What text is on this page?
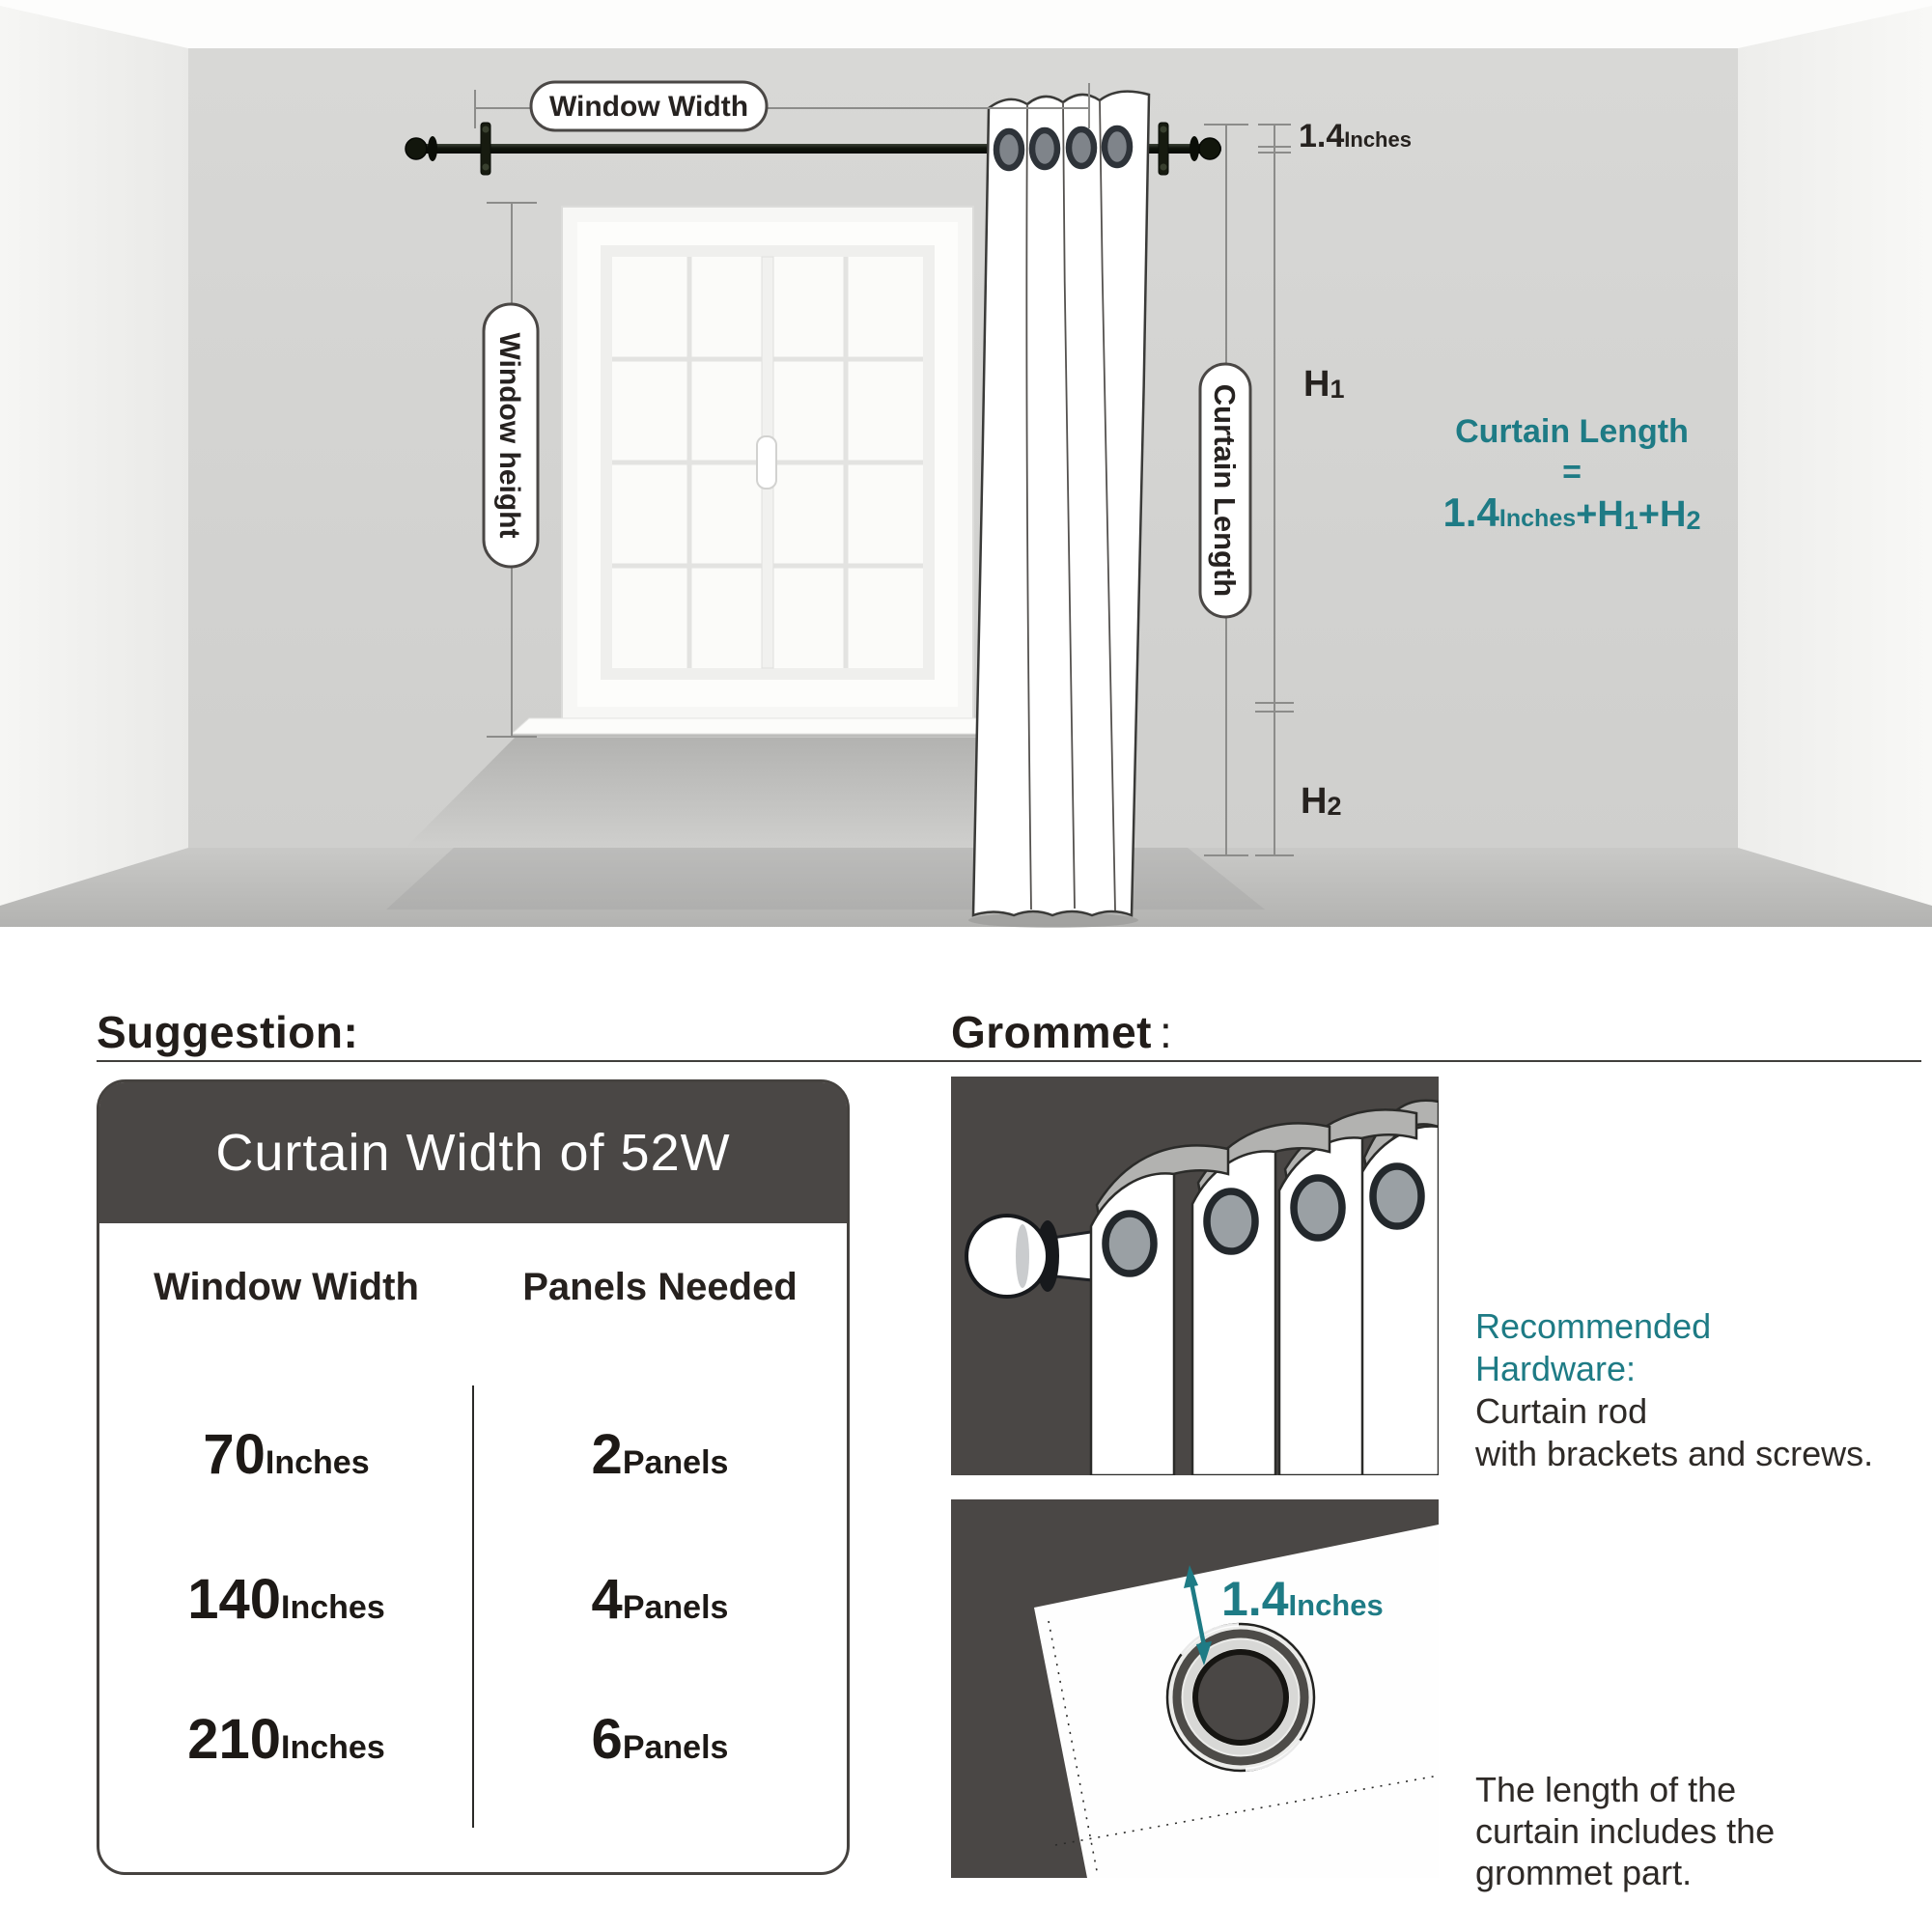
Window Width
Window height	Curtain Length
1.4Inches
H1
H2
Curtain Length
=
1.4Inches+H1+H2
Suggestion:
Curtain Width of 52W
Window Width	Panels Needed
70 Inches	2 Panels
140 Inches	4 Panels
210 Inches	6 Panels
Grommet :
Recommended
Hardware:
Curtain rod
with brackets and screws.
1.4Inches
The length of the
curtain includes the
grommet part.
